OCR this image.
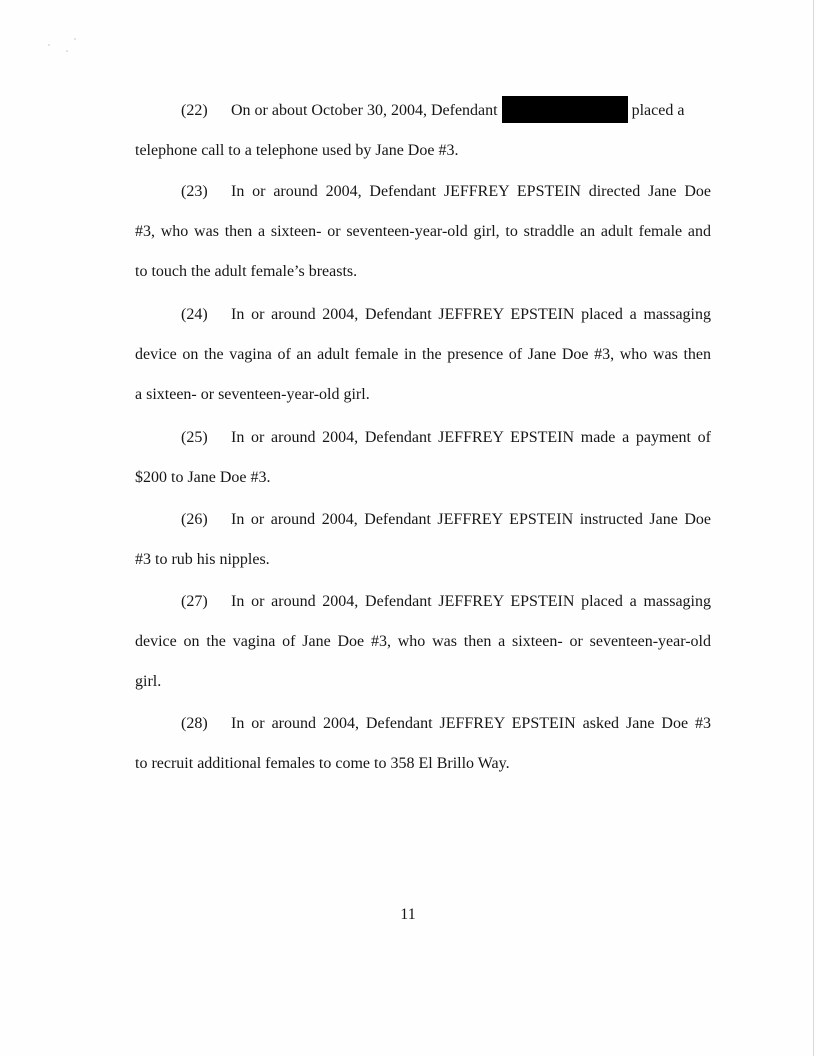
(22) On or about October 30, 2004, Defendant	placed a
telephone call to a telephone used by Jane Doe #3.
(23) In or around 2004, Defendant JEFFREY EPSTEIN directed Jane Doe
#3, who was then a sixteen- or seventeen-year-old girl, to straddle an adult female and
to touch the adult female’s breasts.
(24) In or around 2004, Defendant JEFFREY EPSTEIN placed a massaging
device on the vagina of an adult female in the presence of Jane Doe #3, who was then
a sixteen- or seventeen-year-old girl.
(25) In or around 2004, Defendant JEFFREY EPSTEIN made a payment of
$200 to Jane Doe #3.
(26) In or around 2004, Defendant JEFFREY EPSTEIN instructed Jane Doe
#3 to rub his nipples.
(27) In or around 2004, Defendant JEFFREY EPSTEIN placed a massaging
device on the vagina of Jane Doe #3, who was then a sixteen- or seventeen-year-old
girl.
(28) In or around 2004, Defendant JEFFREY EPSTEIN asked Jane Doe #3
to recruit additional females to come to 358 El Brillo Way.

11
